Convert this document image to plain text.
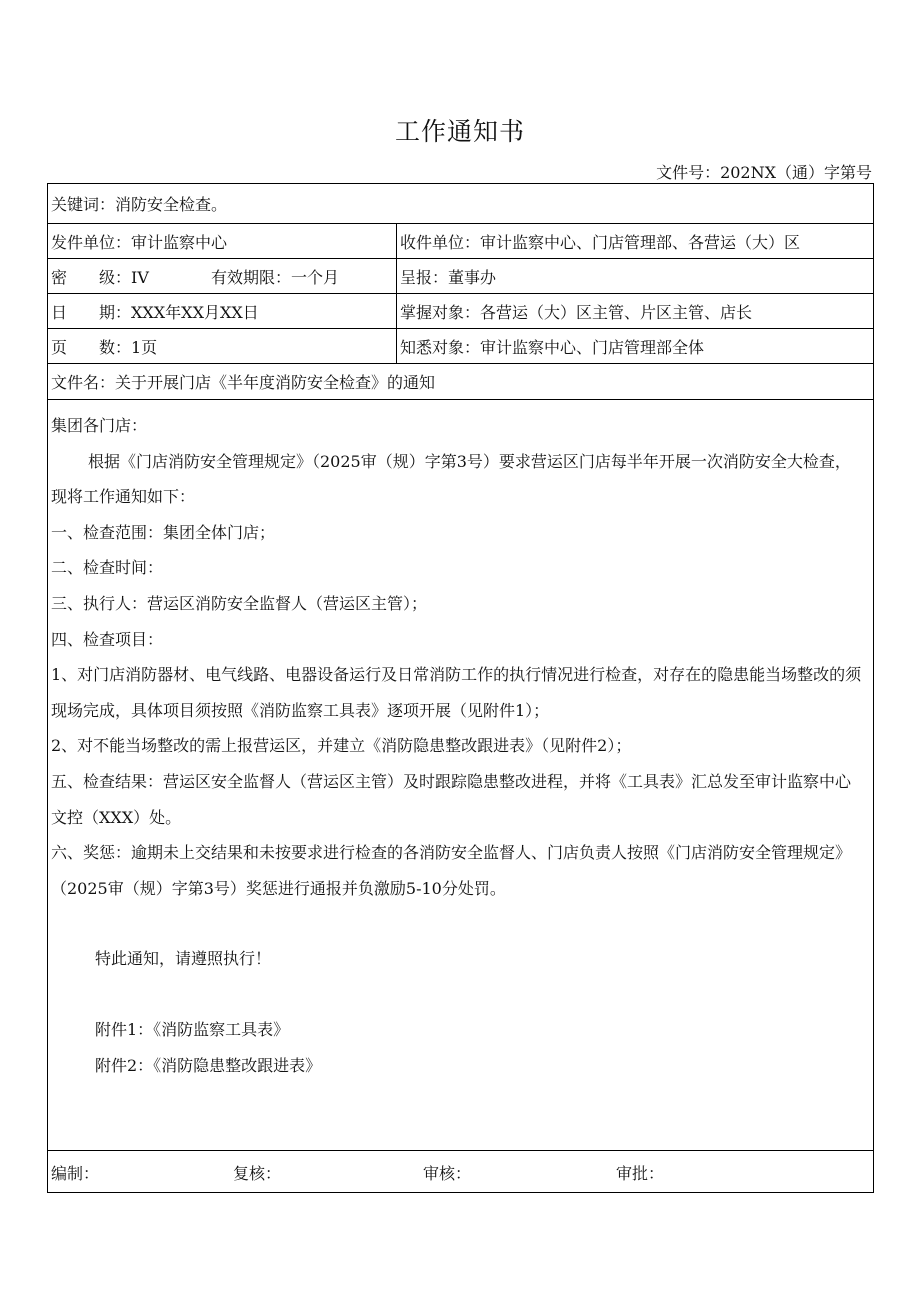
工作通知书
文件号：202NX（通）字第号
关键词：消防安全检查。
发件单位：审计监察中心	收件单位：审计监察中心、门店管理部、各营运（大）区
密　　级：IV	有效期限：一个月	呈报：董事办
日　　期：XXX年XX月XX日	掌握对象：各营运（大）区主管、片区主管、店长
页　　数：1页	知悉对象：审计监察中心、门店管理部全体
文件名：关于开展门店《半年度消防安全检查》的通知

集团各门店：

根据《门店消防安全管理规定》（2025审（规）字第3号）要求营运区门店每半年开展一次消防安全大检查，现将工作通知如下：

一、检查范围：集团全体门店；

二、检查时间：

三、执行人：营运区消防安全监督人（营运区主管）；

四、检查项目：

1、对门店消防器材、电气线路、电器设备运行及日常消防工作的执行情况进行检查，对存在的隐患能当场整改的须现场完成，具体项目须按照《消防监察工具表》逐项开展（见附件1）；

2、对不能当场整改的需上报营运区，并建立《消防隐患整改跟进表》（见附件2）；

五、检查结果：营运区安全监督人（营运区主管）及时跟踪隐患整改进程，并将《工具表》汇总发至审计监察中心文控（XXX）处。

六、奖惩：逾期未上交结果和未按要求进行检查的各消防安全监督人、门店负责人按照《门店消防安全管理规定》（2025审（规）字第3号）奖惩进行通报并负激励5-10分处罚。

特此通知，请遵照执行！

附件1：《消防监察工具表》

附件2：《消防隐患整改跟进表》

编制：	复核：	审核：	审批：
